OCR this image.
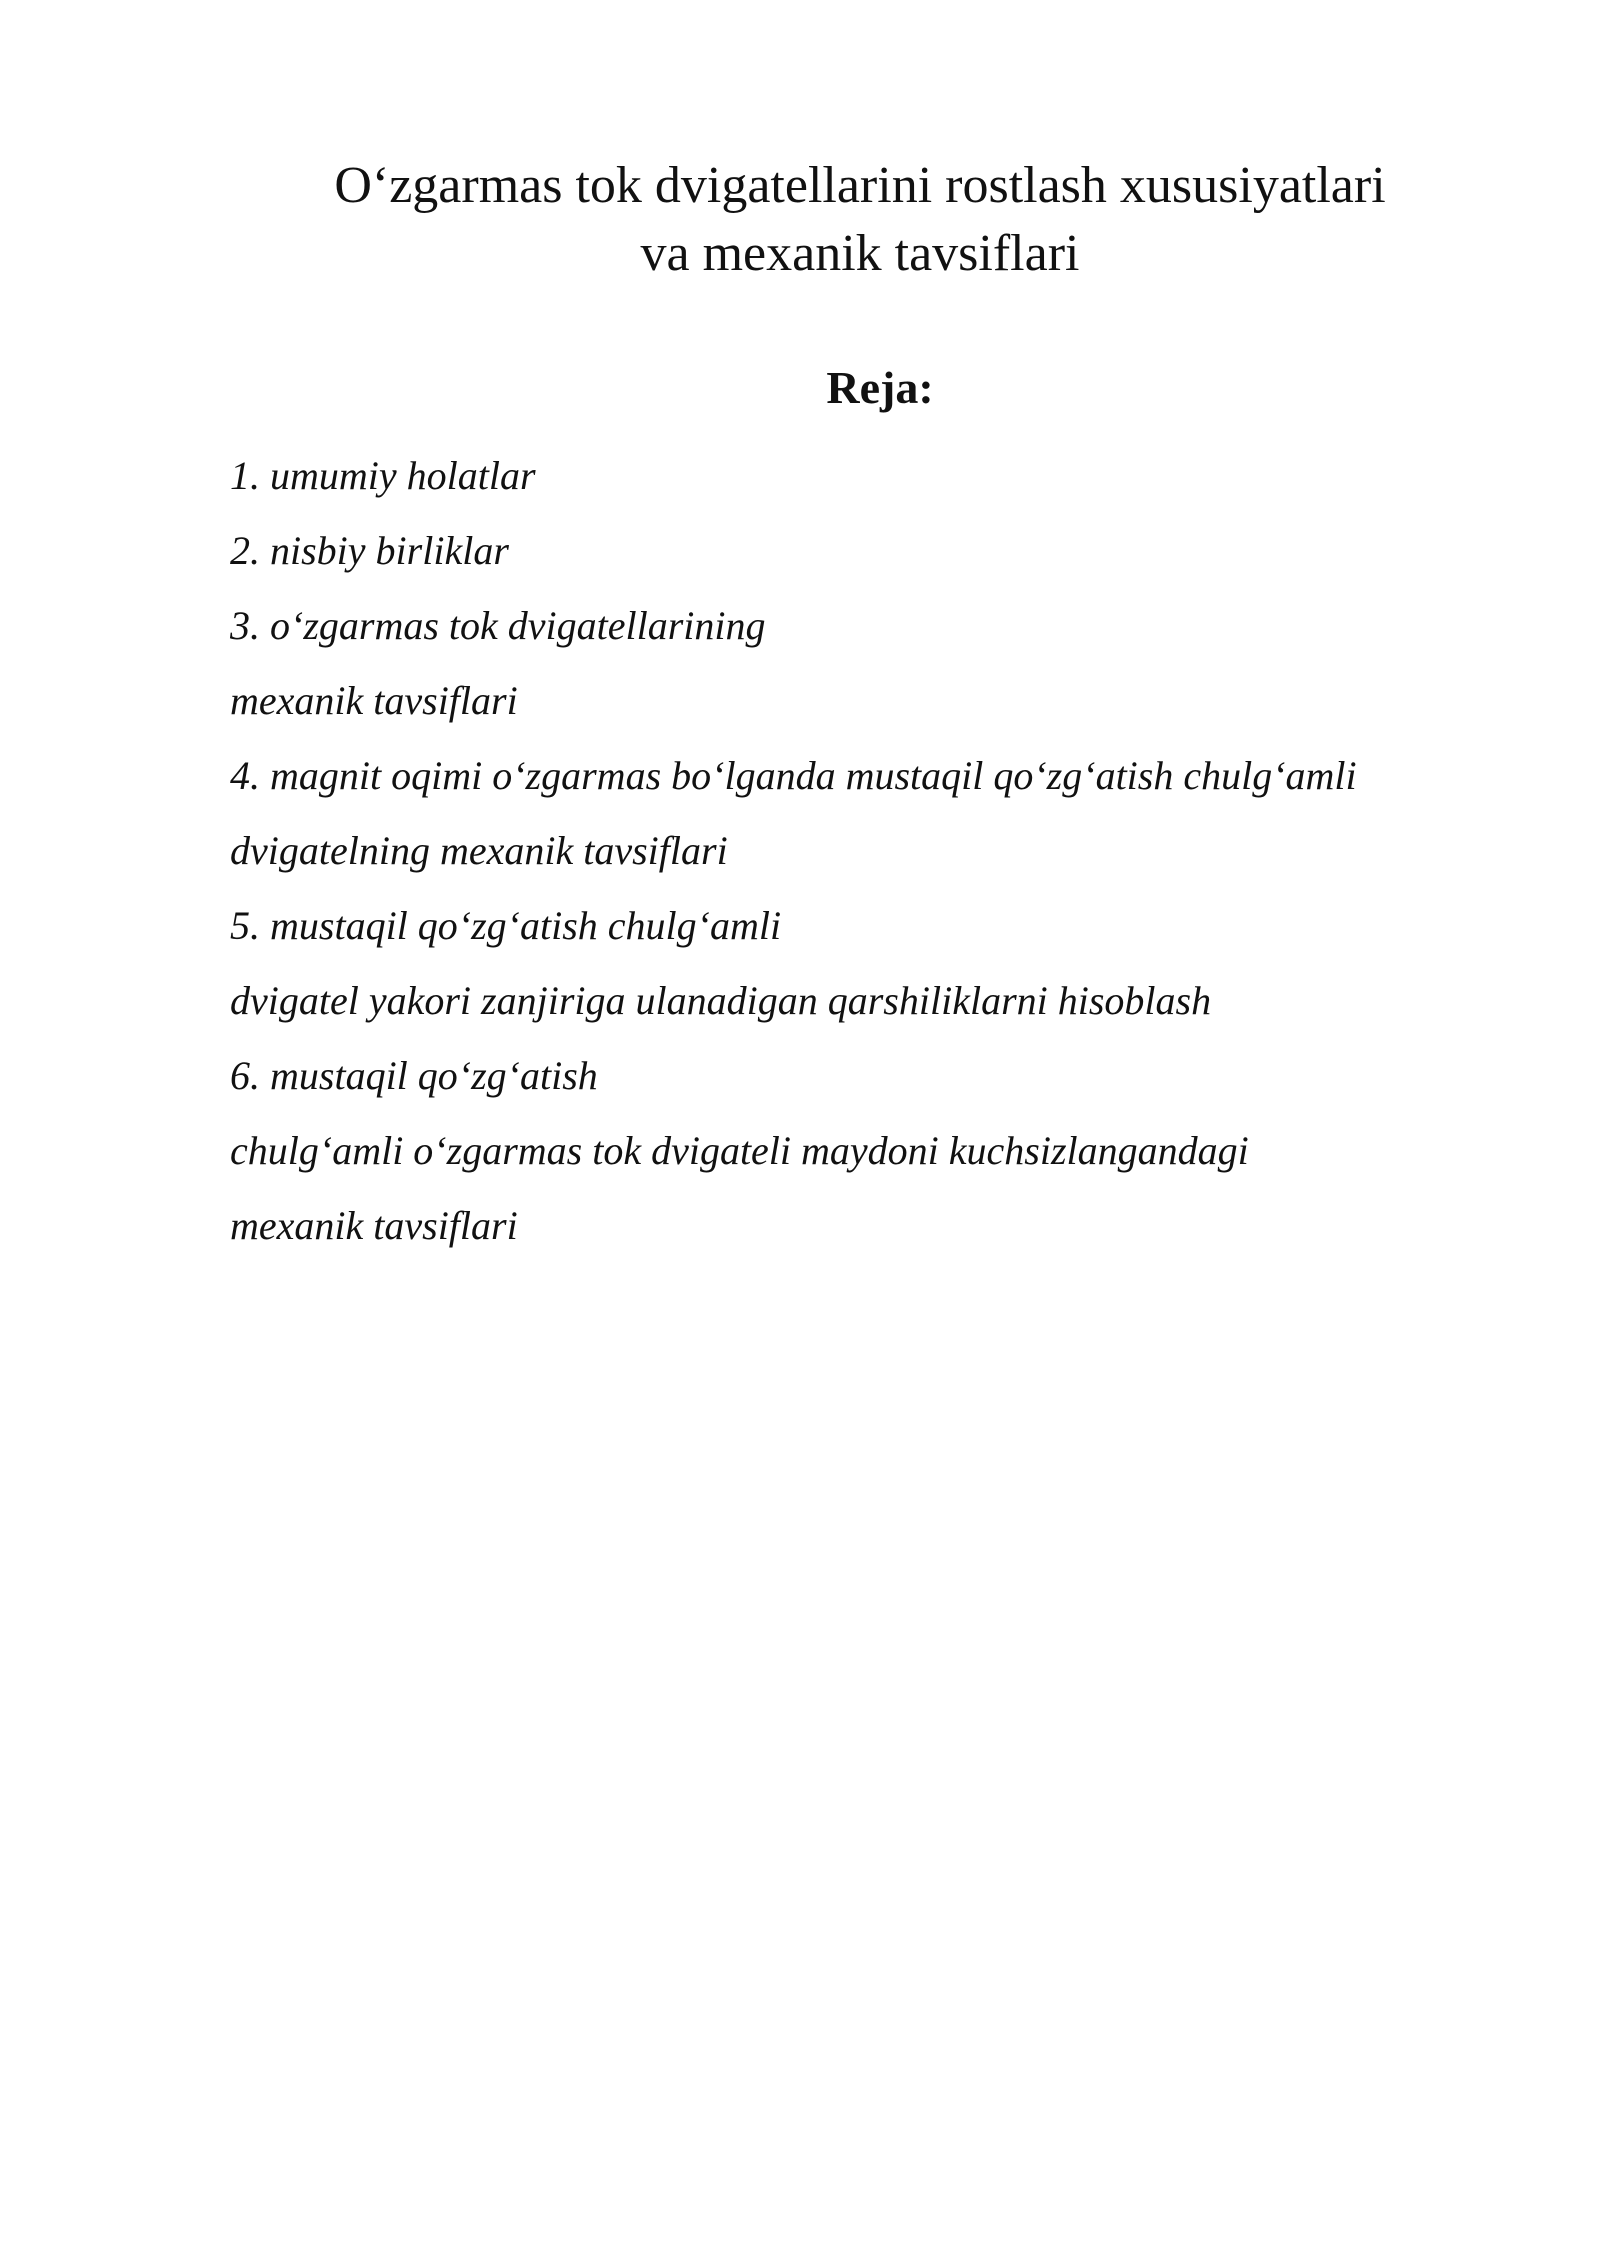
O‘zgarmas tok dvigatellarini rostlash xususiyatlari
va mexanik tavsiflari
Reja:
1. umumiy holatlar
2. nisbiy birliklar
3. o‘zgarmas tok dvigatellarining
mexanik tavsiflari
4. magnit oqimi o‘zgarmas bo‘lganda mustaqil qo‘zg‘atish chulg‘amli
dvigatelning mexanik tavsiflari
5. mustaqil qo‘zg‘atish chulg‘amli
dvigatel yakori zanjiriga ulanadigan qarshiliklarni hisoblash
6. mustaqil qo‘zg‘atish
chulg‘amli o‘zgarmas tok dvigateli maydoni kuchsizlangandagi
mexanik tavsiflari
